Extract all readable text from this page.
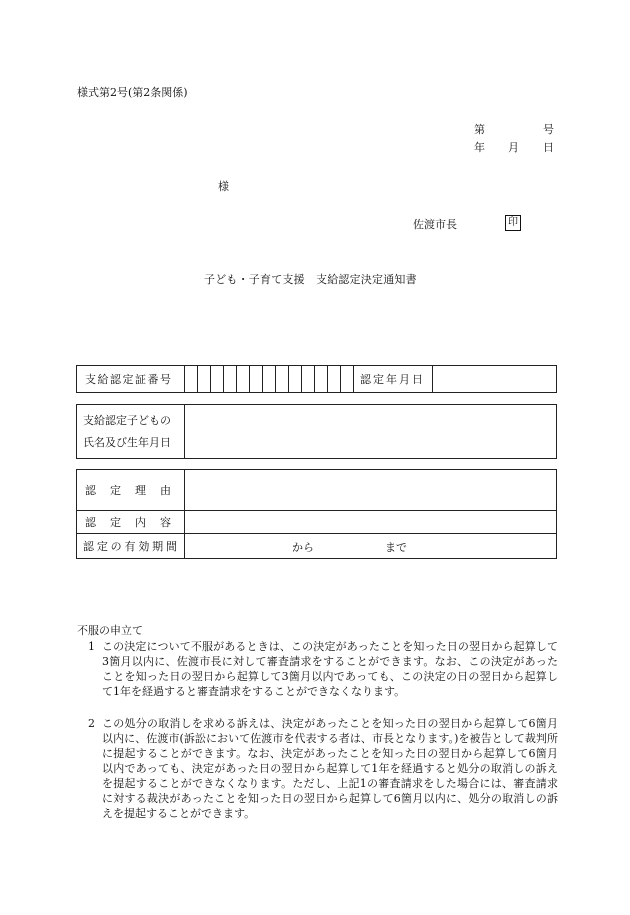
様式第2号(第2条関係)
第	号
年 月 日
様
佐渡市長	印
子ども・子育て支援　支給認定決定通知書
支給認定証番号														認定年月日	
支給認定子どもの
氏名及び生年月日

認定理由	
認定内容	
認定の有効期間	から まで
不服の申立て
1 この決定について不服があるときは、この決定があったことを知った日の翌日から起算して3箇月以内に、佐渡市長に対して審査請求をすることができます。なお、この決定があったことを知った日の翌日から起算して3箇月以内であっても、この決定の日の翌日から起算して1年を経過すると審査請求をすることができなくなります。
2 この処分の取消しを求める訴えは、決定があったことを知った日の翌日から起算して6箇月以内に、佐渡市(訴訟において佐渡市を代表する者は、市長となります。)を被告として裁判所に提起することができます。なお、決定があったことを知った日の翌日から起算して6箇月以内であっても、決定があった日の翌日から起算して1年を経過すると処分の取消しの訴えを提起することができなくなります。ただし、上記1の審査請求をした場合には、審査請求に対する裁決があったことを知った日の翌日から起算して6箇月以内に、処分の取消しの訴えを提起することができます。
